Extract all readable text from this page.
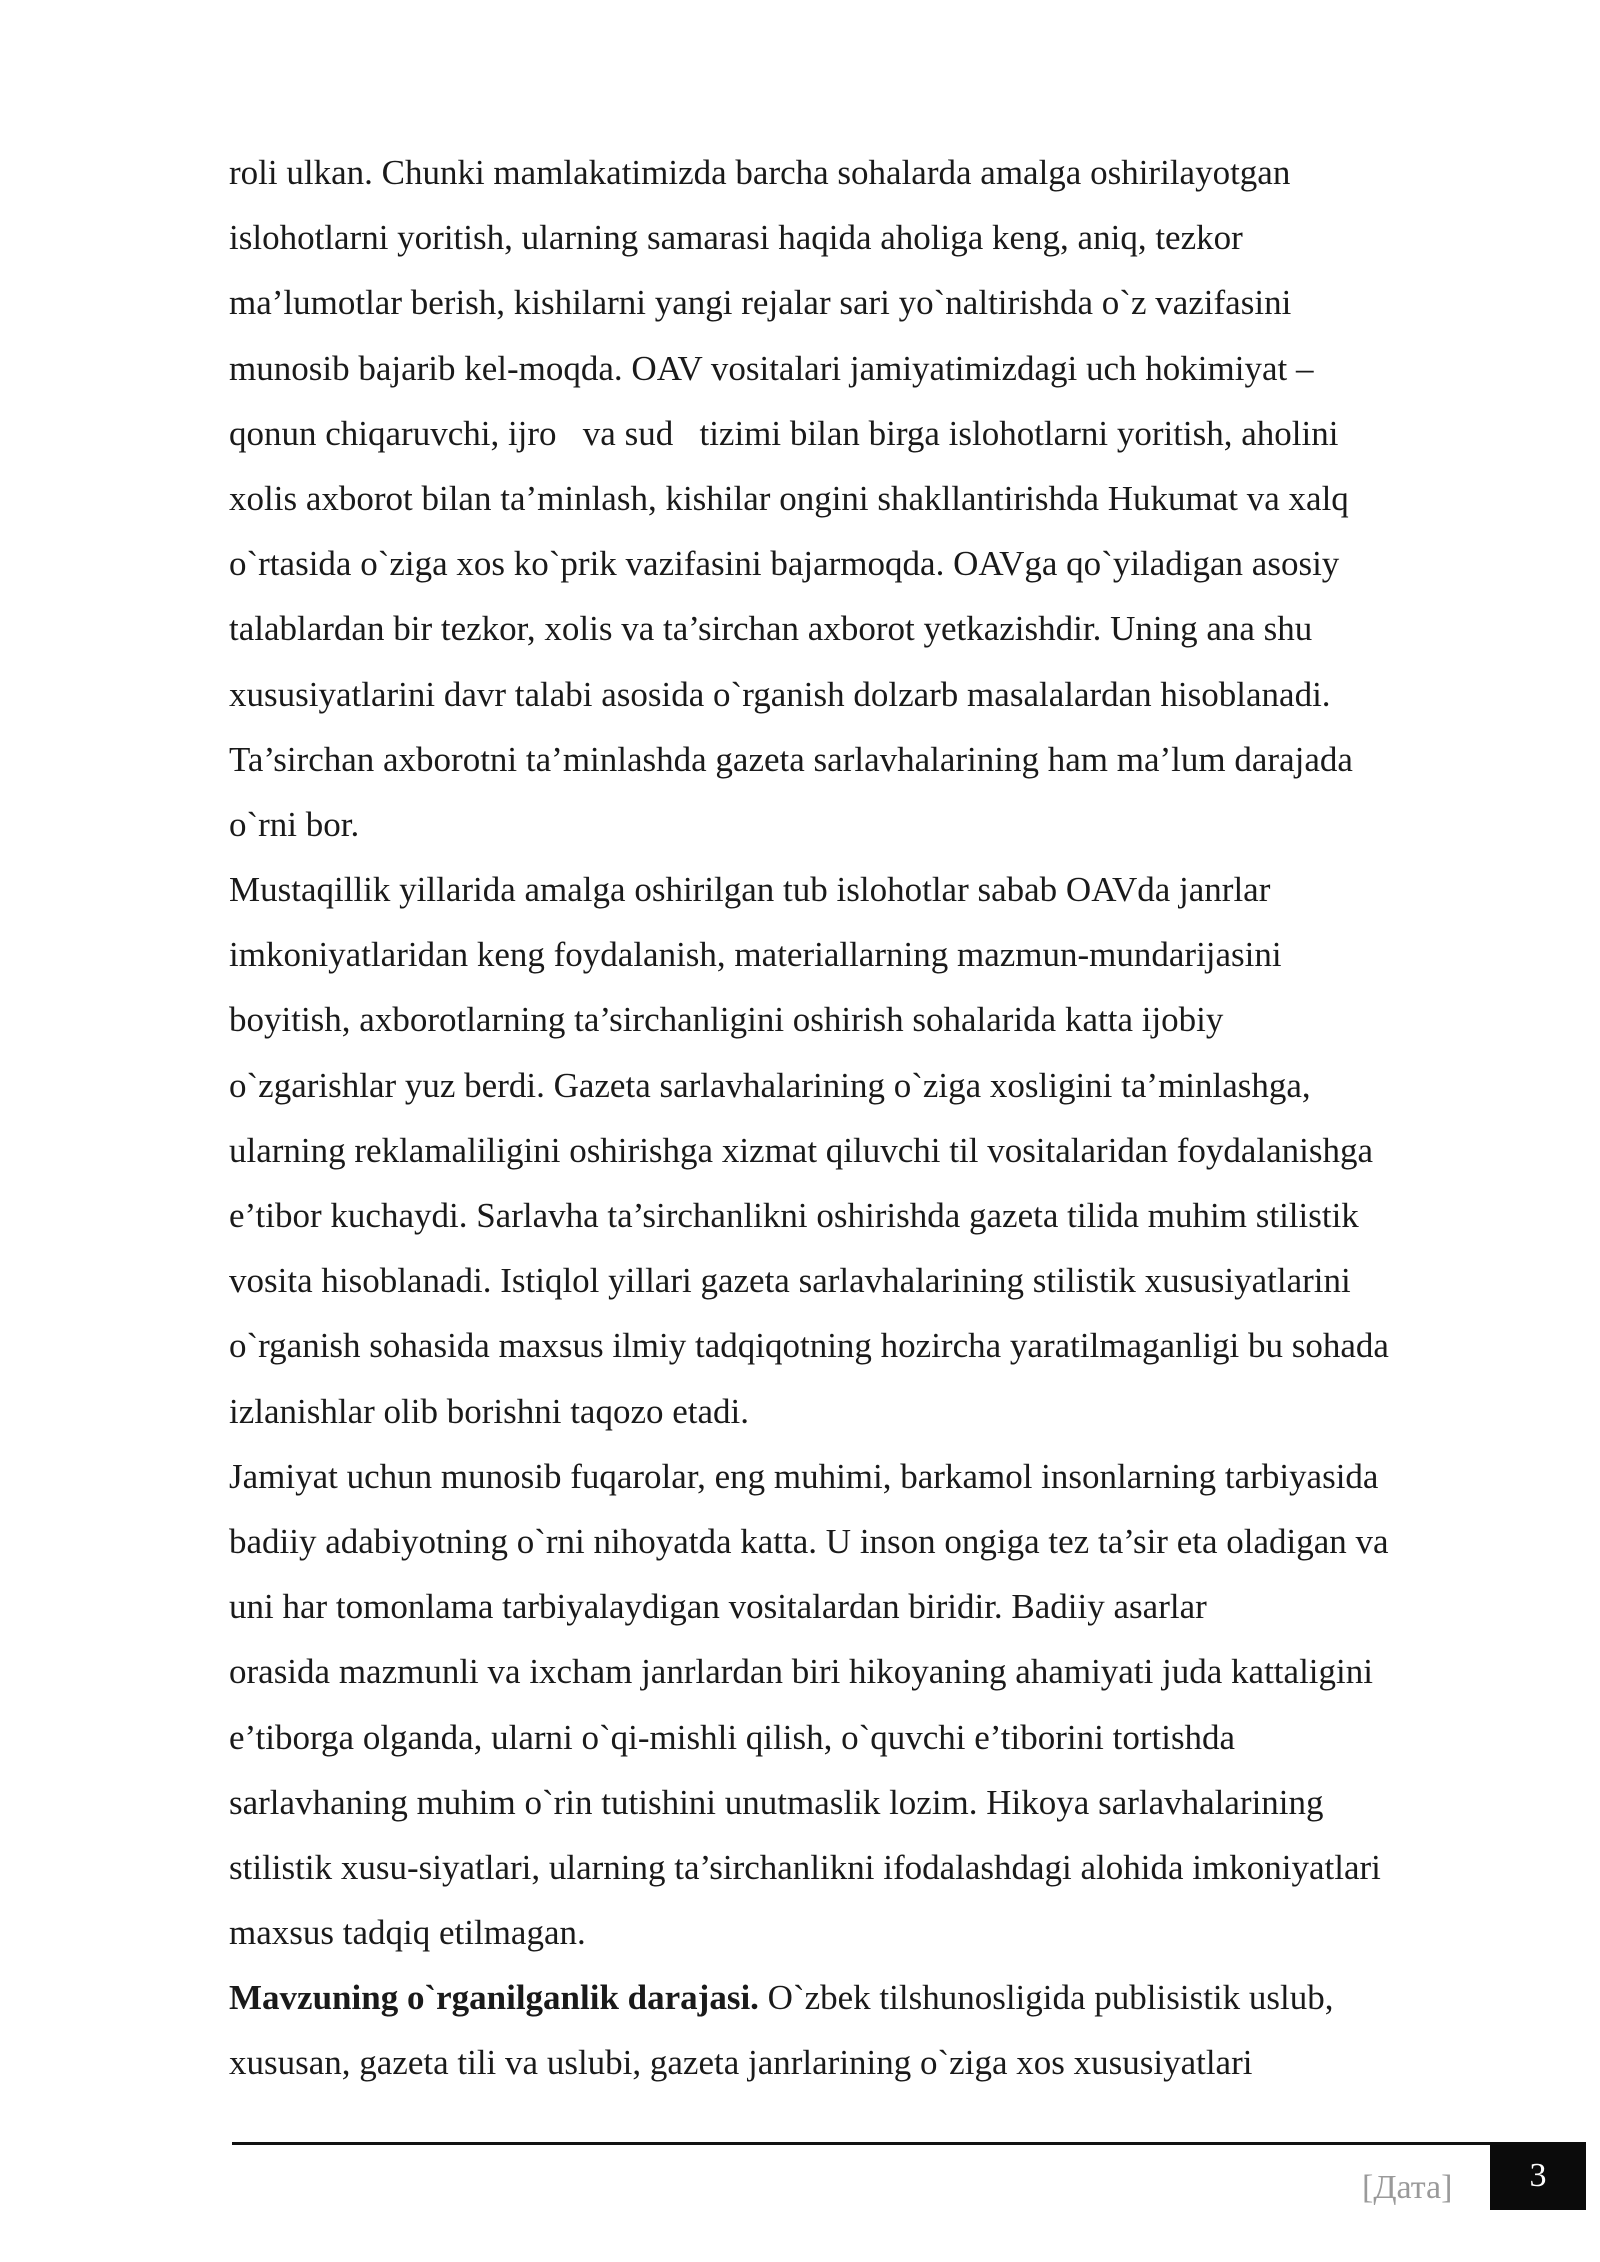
roli ulkan. Chunki mamlakatimizda barcha sohalarda amalga oshirilayotgan
islohotlarni yoritish, ularning samarasi haqida aholiga keng, aniq, tezkor
ma’lumotlar berish, kishilarni yangi rejalar sari yo`naltirishda o`z vazifasini
munosib bajarib kel-moqda. OAV vositalari jamiyatimizdagi uch hokimiyat –
qonun chiqaruvchi, ijro   va sud   tizimi bilan birga islohotlarni yoritish, aholini
xolis axborot bilan ta’minlash, kishilar ongini shakllantirishda Hukumat va xalq
o`rtasida o`ziga xos ko`prik vazifasini bajarmoqda. OAVga qo`yiladigan asosiy
talablardan bir tezkor, xolis va ta’sirchan axborot yetkazishdir. Uning ana shu
xususiyatlarini davr talabi asosida o`rganish dolzarb masalalardan hisoblanadi.
Ta’sirchan axborotni ta’minlashda gazeta sarlavhalarining ham ma’lum darajada
o`rni bor.
Mustaqillik yillarida amalga oshirilgan tub islohotlar sabab OAVda janrlar
imkoniyatlaridan keng foydalanish, materiallarning mazmun-mundarijasini
boyitish, axborotlarning ta’sirchanligini oshirish sohalarida katta ijobiy
o`zgarishlar yuz berdi. Gazeta sarlavhalarining o`ziga xosligini ta’minlashga,
ularning reklamaliligini oshirishga xizmat qiluvchi til vositalaridan foydalanishga
e’tibor kuchaydi. Sarlavha ta’sirchanlikni oshirishda gazeta tilida muhim stilistik
vosita hisoblanadi. Istiqlol yillari gazeta sarlavhalarining stilistik xususiyatlarini
o`rganish sohasida maxsus ilmiy tadqiqotning hozircha yaratilmaganligi bu sohada
izlanishlar olib borishni taqozo etadi.
Jamiyat uchun munosib fuqarolar, eng muhimi, barkamol insonlarning tarbiyasida
badiiy adabiyotning o`rni nihoyatda katta. U inson ongiga tez ta’sir eta oladigan va
uni har tomonlama tarbiyalaydigan vositalardan biridir. Badiiy asarlar
orasida mazmunli va ixcham janrlardan biri hikoyaning ahamiyati juda kattaligini
e’tiborga olganda, ularni o`qi-mishli qilish, o`quvchi e’tiborini tortishda
sarlavhaning muhim o`rin tutishini unutmaslik lozim. Hikoya sarlavhalarining
stilistik xusu-siyatlari, ularning ta’sirchanlikni ifodalashdagi alohida imkoniyatlari
maxsus tadqiq etilmagan.
Mavzuning o`rganilganlik darajasi. O`zbek tilshunosligida publisistik uslub,
xususan, gazeta tili va uslubi, gazeta janrlarining o`ziga xos xususiyatlari
[Дата]	3
